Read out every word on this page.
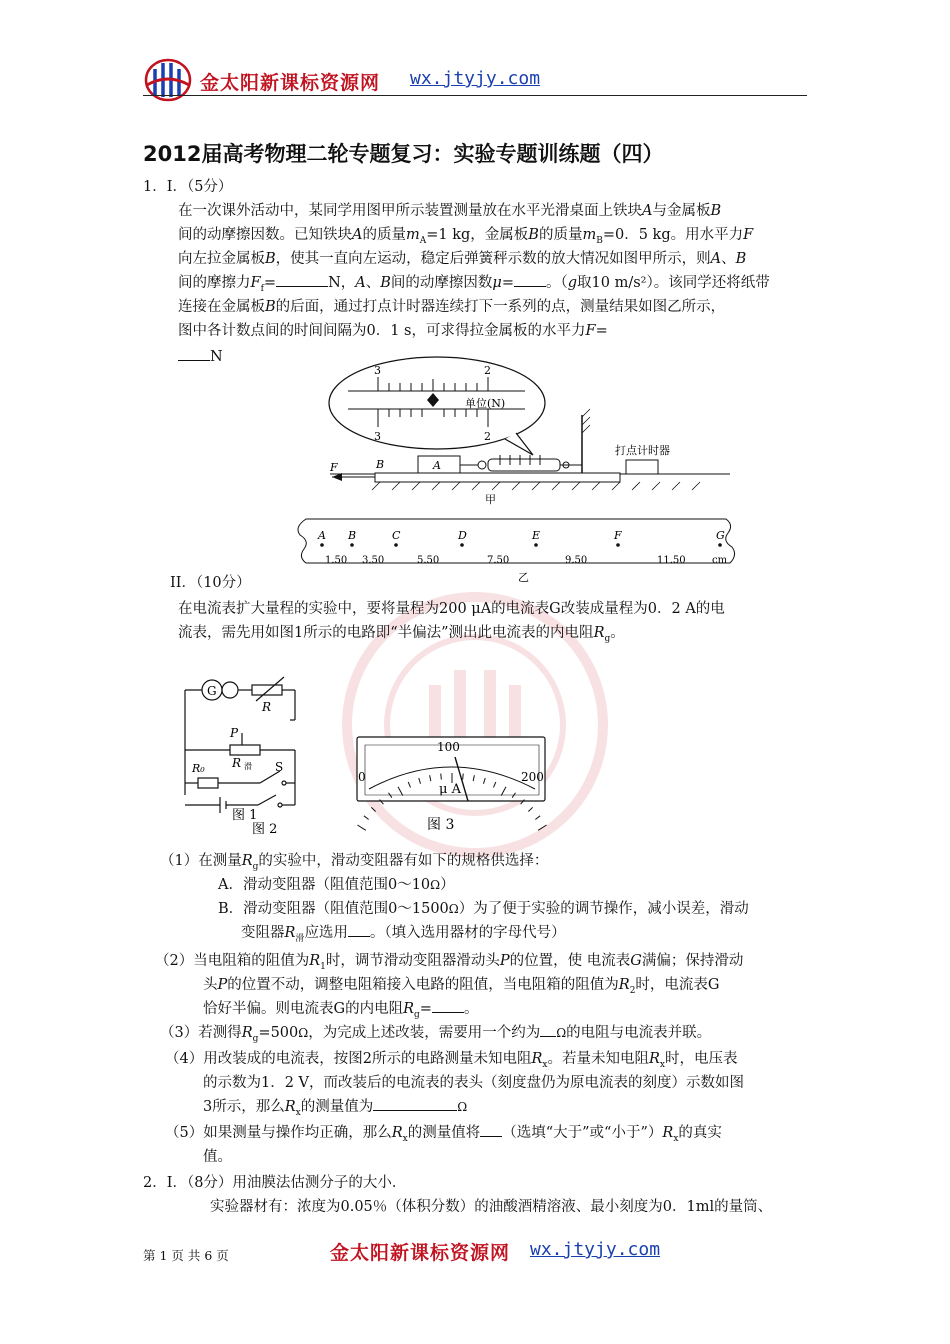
金太阳新课标资源网 wx.jtyjy.com
2012届高考物理二轮专题复习：实验专题训练题（四）
1．I．（5分）
在一次课外活动中，某同学用图甲所示装置测量放在水平光滑桌面上铁块A与金属板B
间的动摩擦因数。已知铁块A的质量$m_A=1$ kg，金属板B的质量$m_B=0$．5 kg。用水平力F
向左拉金属板B，使其一直向左运动，稳定后弹簧秤示数的放大情况如图甲所示，则A、B
间的摩擦力$F_f=$	N，A、B间的动摩擦因数μ= 。（g取10 m/s²）。该同学还将纸带
连接在金属板B的后面，通过打点计时器连续打下一系列的点，测量结果如图乙所示，
图中各计数点间的时间间隔为0．1 s，可求得拉金属板的水平力F=
N
3	2
3	2
单位(N)
A
打点计时器
F	B
甲
A B	C	D	E	F	G
1.50 3.50	5.50	7.50	9.50	11.50	cm
乙
II．（10分）
在电流表扩大量程的实验中，要将量程为200 μA的电流表G改装成量程为0．2 A的电
流表，需先用如图1所示的电路即“半偏法”测出此电流表的内电阻$R_g$。
G
R
P
R₀ R 滑 S
图 1
图 2
0
100
200
μ A
图 3
（1）在测量$R_g$的实验中，滑动变阻器有如下的规格供选择：
A．滑动变阻器（阻值范围0～10Ω）
B．滑动变阻器（阻值范围0～1500Ω）为了便于实验的调节操作，减小误差，滑动
变阻器$R_滑$应选用 。（填入选用器材的字母代号）
（2）当电阻箱的阻值为$R_1$时，调节滑动变阻器滑动头P的位置，使 电流表G满偏；保持滑动
头P的位置不动，调整电阻箱接入电路的阻值，当电阻箱的阻值为$R_2$时，电流表G
恰好半偏。则电流表G的内电阻$R_g=$ 。
（3）若测得$R_g=500\Omega$，为完成上述改装，需要用一个约为 Ω的电阻与电流表并联。
（4）用改装成的电流表，按图2所示的电路测量未知电阻$R_x$。若量未知电阻$R_x$时，电压表
的示数为1．2 V，而改装后的电流表的表头（刻度盘仍为原电流表的刻度）示数如图
3所示，那么$R_x$的测量值为	Ω
（5）如果测量与操作均正确，那么$R_x$的测量值将 （选填“大于”或“小于$”)R_x$的真实
值。
2．I．（8分）用油膜法估测分子的大小．
实验器材有：浓度为0.05％（体积分数）的油酸酒精溶液、最小刻度为0．1ml的量筒、
第 1 页 共 6 页	金太阳新课标资源网 wx.jtyjy.com
